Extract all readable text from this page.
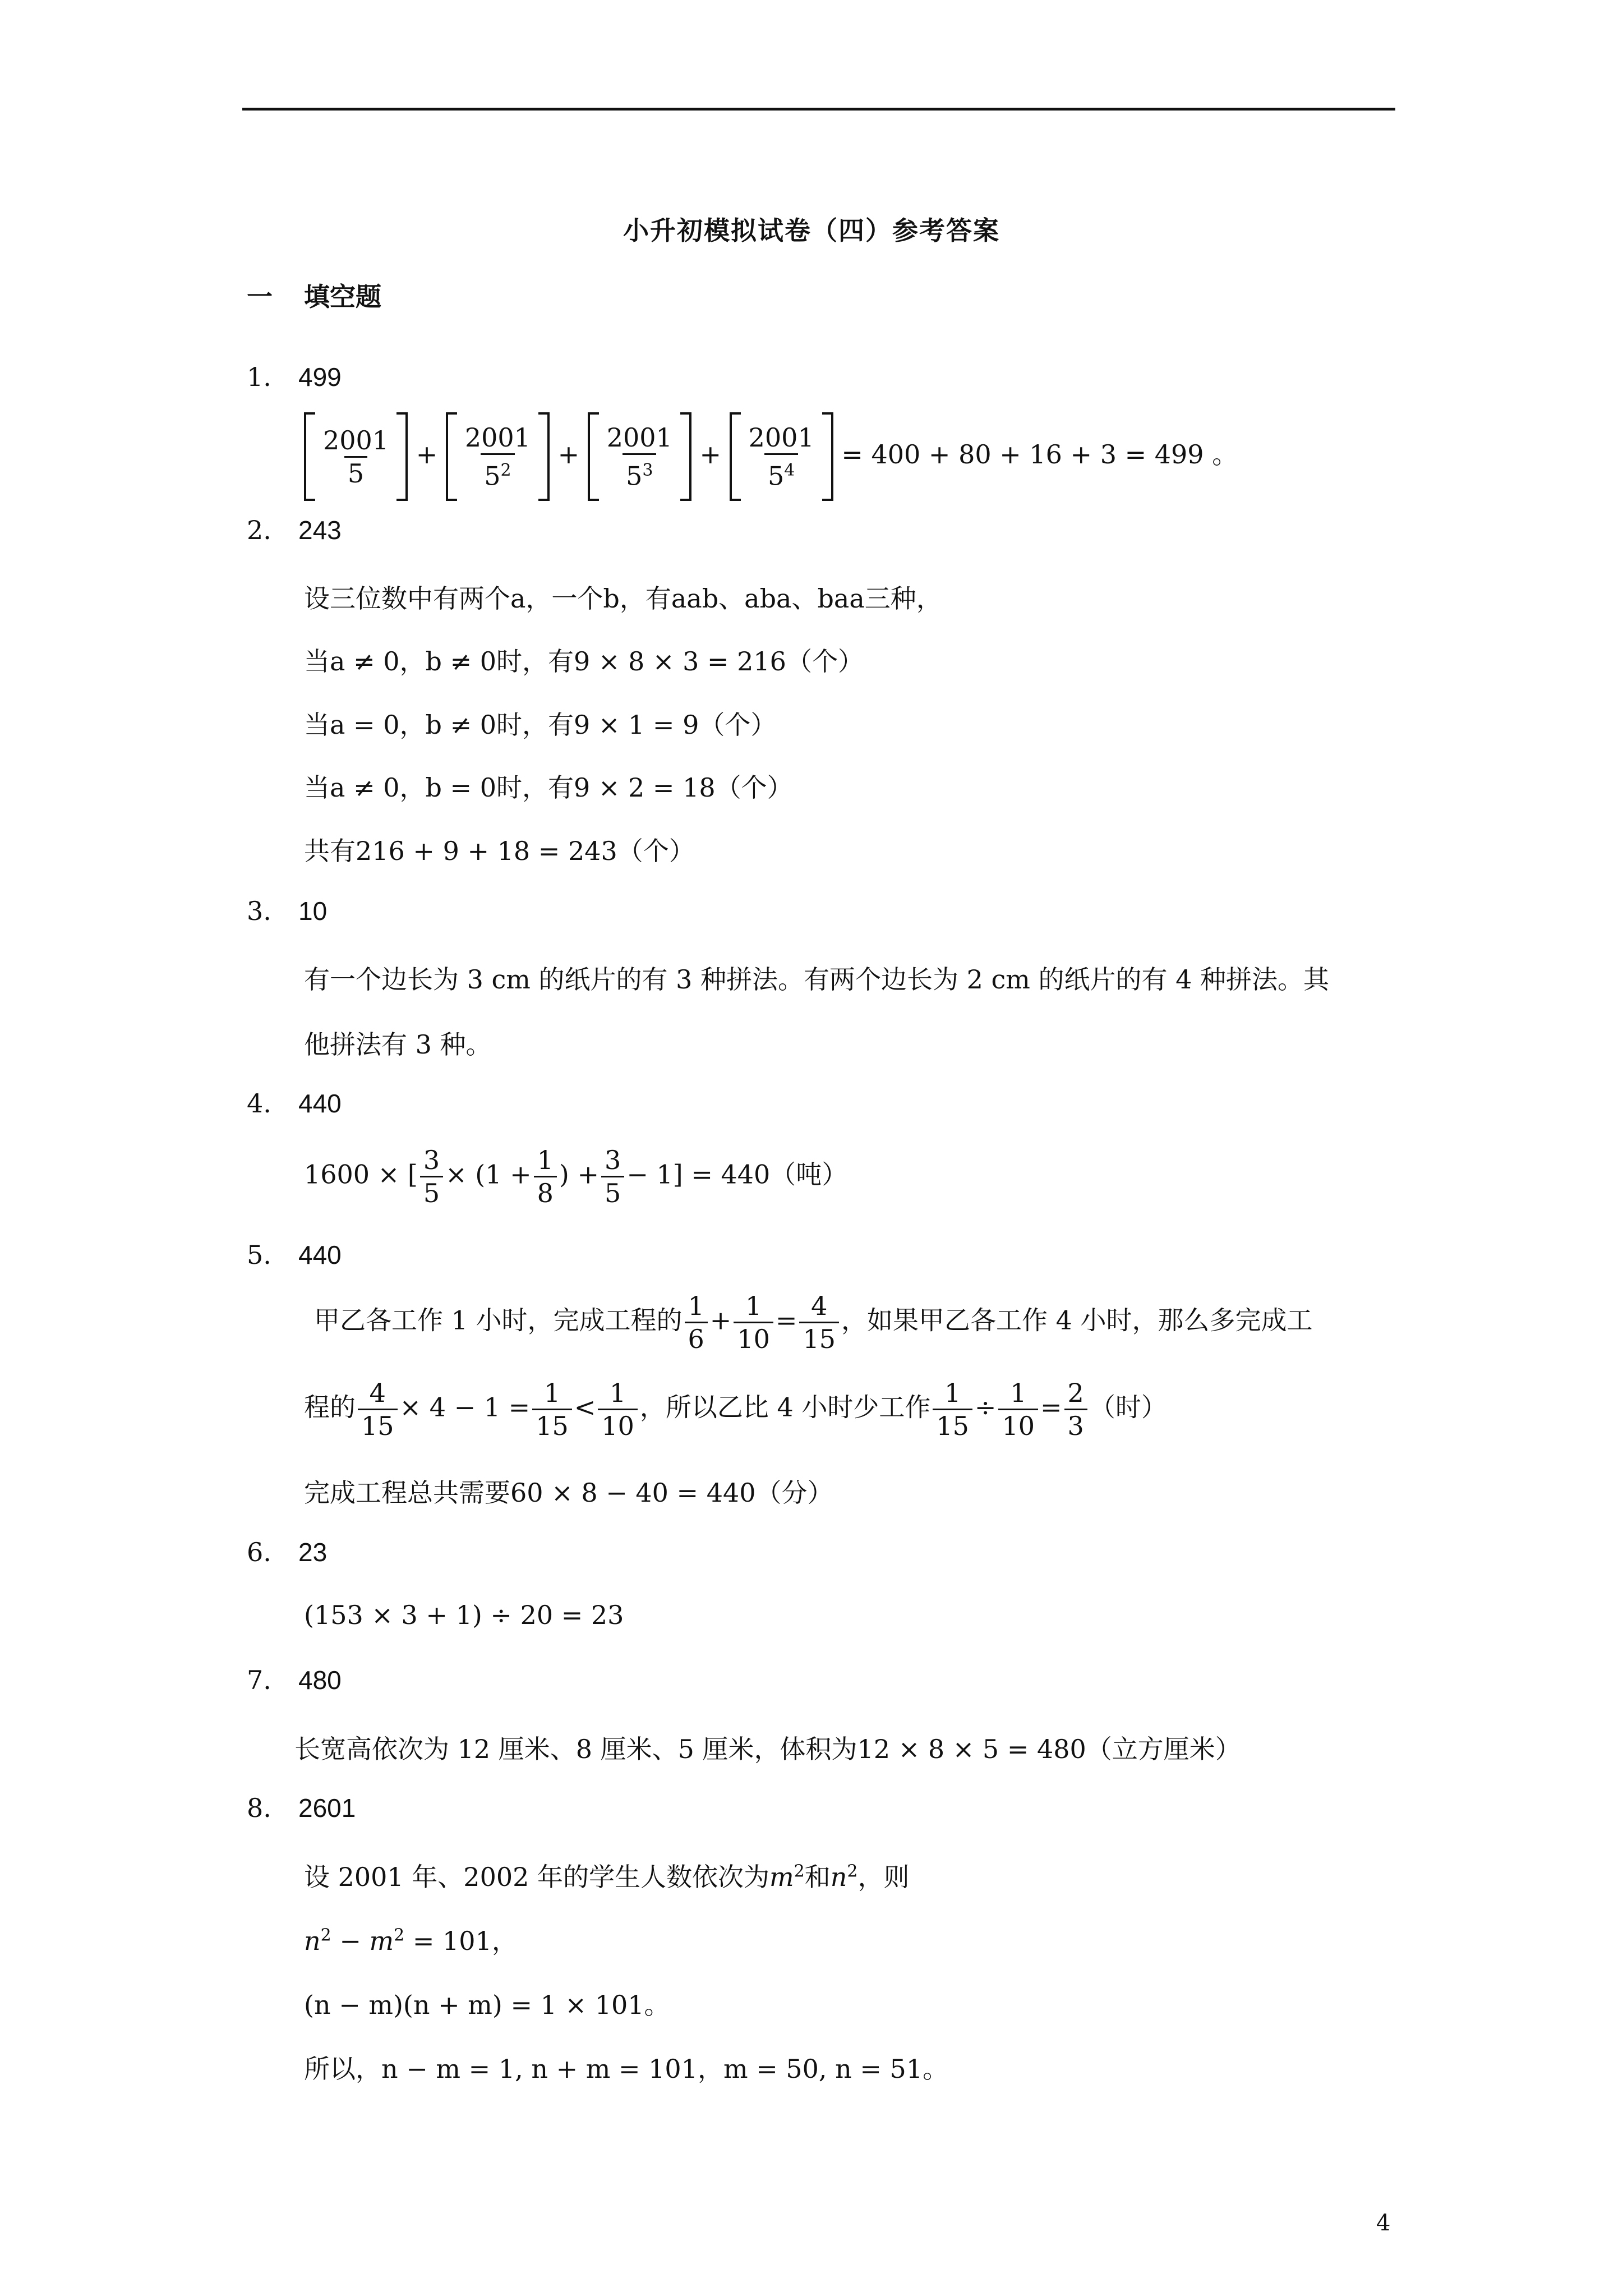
小升初模拟试卷（四）参考答案
一 填空题
1. 499
$\frac{2001}{5} + \frac{2001}{5^2} + \frac{2001}{5^3} + \frac{2001}{5^4} = 400 + 80 + 16 + 3 = 499$ 。
2. 243
设三位数中有两个a，一个b，有aab、aba、baa三种，
当a ≠ 0，b ≠ 0时，有9 × 8 × 3 = 216（个）
当a = 0，b ≠ 0时，有9 × 1 = 9（个）
当a ≠ 0，b = 0时，有9 × 2 = 18（个）
共有216 + 9 + 18 = 243（个）
3. 10
有一个边长为 3 cm 的纸片的有 3 种拼法。有两个边长为 2 cm 的纸片的有 4 种拼法。其
他拼法有 3 种。
4. 440
1600 × [ $\frac{3}{5} \times (1 + \frac{1}{8}$ ) + $\frac{3}{5} - 1] = 440$（吨）
5. 440
甲乙各工作 1 小时，完成工程的 $\frac{1}{6} + \frac{1}{10} = \frac{4}{15}$ ，如果甲乙各工作 4 小时，那么多完成工
程的 $\frac{4}{15} \times 4 - 1 = \frac{1}{15} < \frac{1}{10}$ ，所以乙比 4 小时少工作 $\frac{1}{15} \div \frac{1}{10} = \frac{2}{3}$ （时）
完成工程总共需要60 × 8 − 40 = 440（分）
6. 23
(153 × 3 + 1) ÷ 20 = 23
7. 480
长宽高依次为 12 厘米、8 厘米、5 厘米，体积为12 × 8 × 5 = 480（立方厘米）
8. 2601
设 2001 年、2002 年的学生人数依次为$m^2$和$n^2$，则
$n^2 - m^2 = 101$，
(n − m)(n + m) = 1 × 101。
所以，n − m = 1, n + m = 101，m = 50, n = 51。
4
